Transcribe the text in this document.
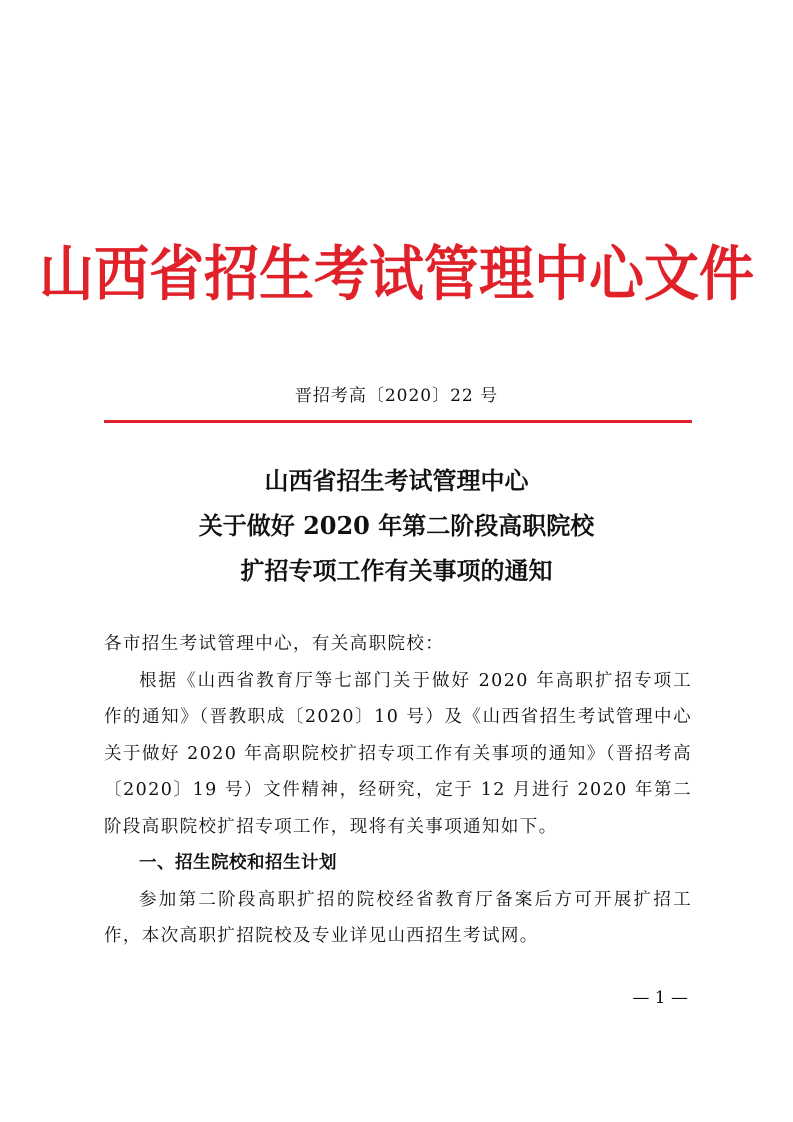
山西省招生考试管理中心文件
晋招考高〔2020〕22 号
山西省招生考试管理中心
关于做好 2020 年第二阶段高职院校
扩招专项工作有关事项的通知

各市招生考试管理中心，有关高职院校：

根据《山西省教育厅等七部门关于做好 2020 年高职扩招专项工作的通知》（晋教职成〔2020〕10 号）及《山西省招生考试管理中心关于做好 2020 年高职院校扩招专项工作有关事项的通知》（晋招考高〔2020〕19 号）文件精神，经研究，定于 12 月进行 2020 年第二阶段高职院校扩招专项工作，现将有关事项通知如下。

一、招生院校和招生计划

参加第二阶段高职扩招的院校经省教育厅备案后方可开展扩招工作，本次高职扩招院校及专业详见山西招生考试网。

— 1 —
